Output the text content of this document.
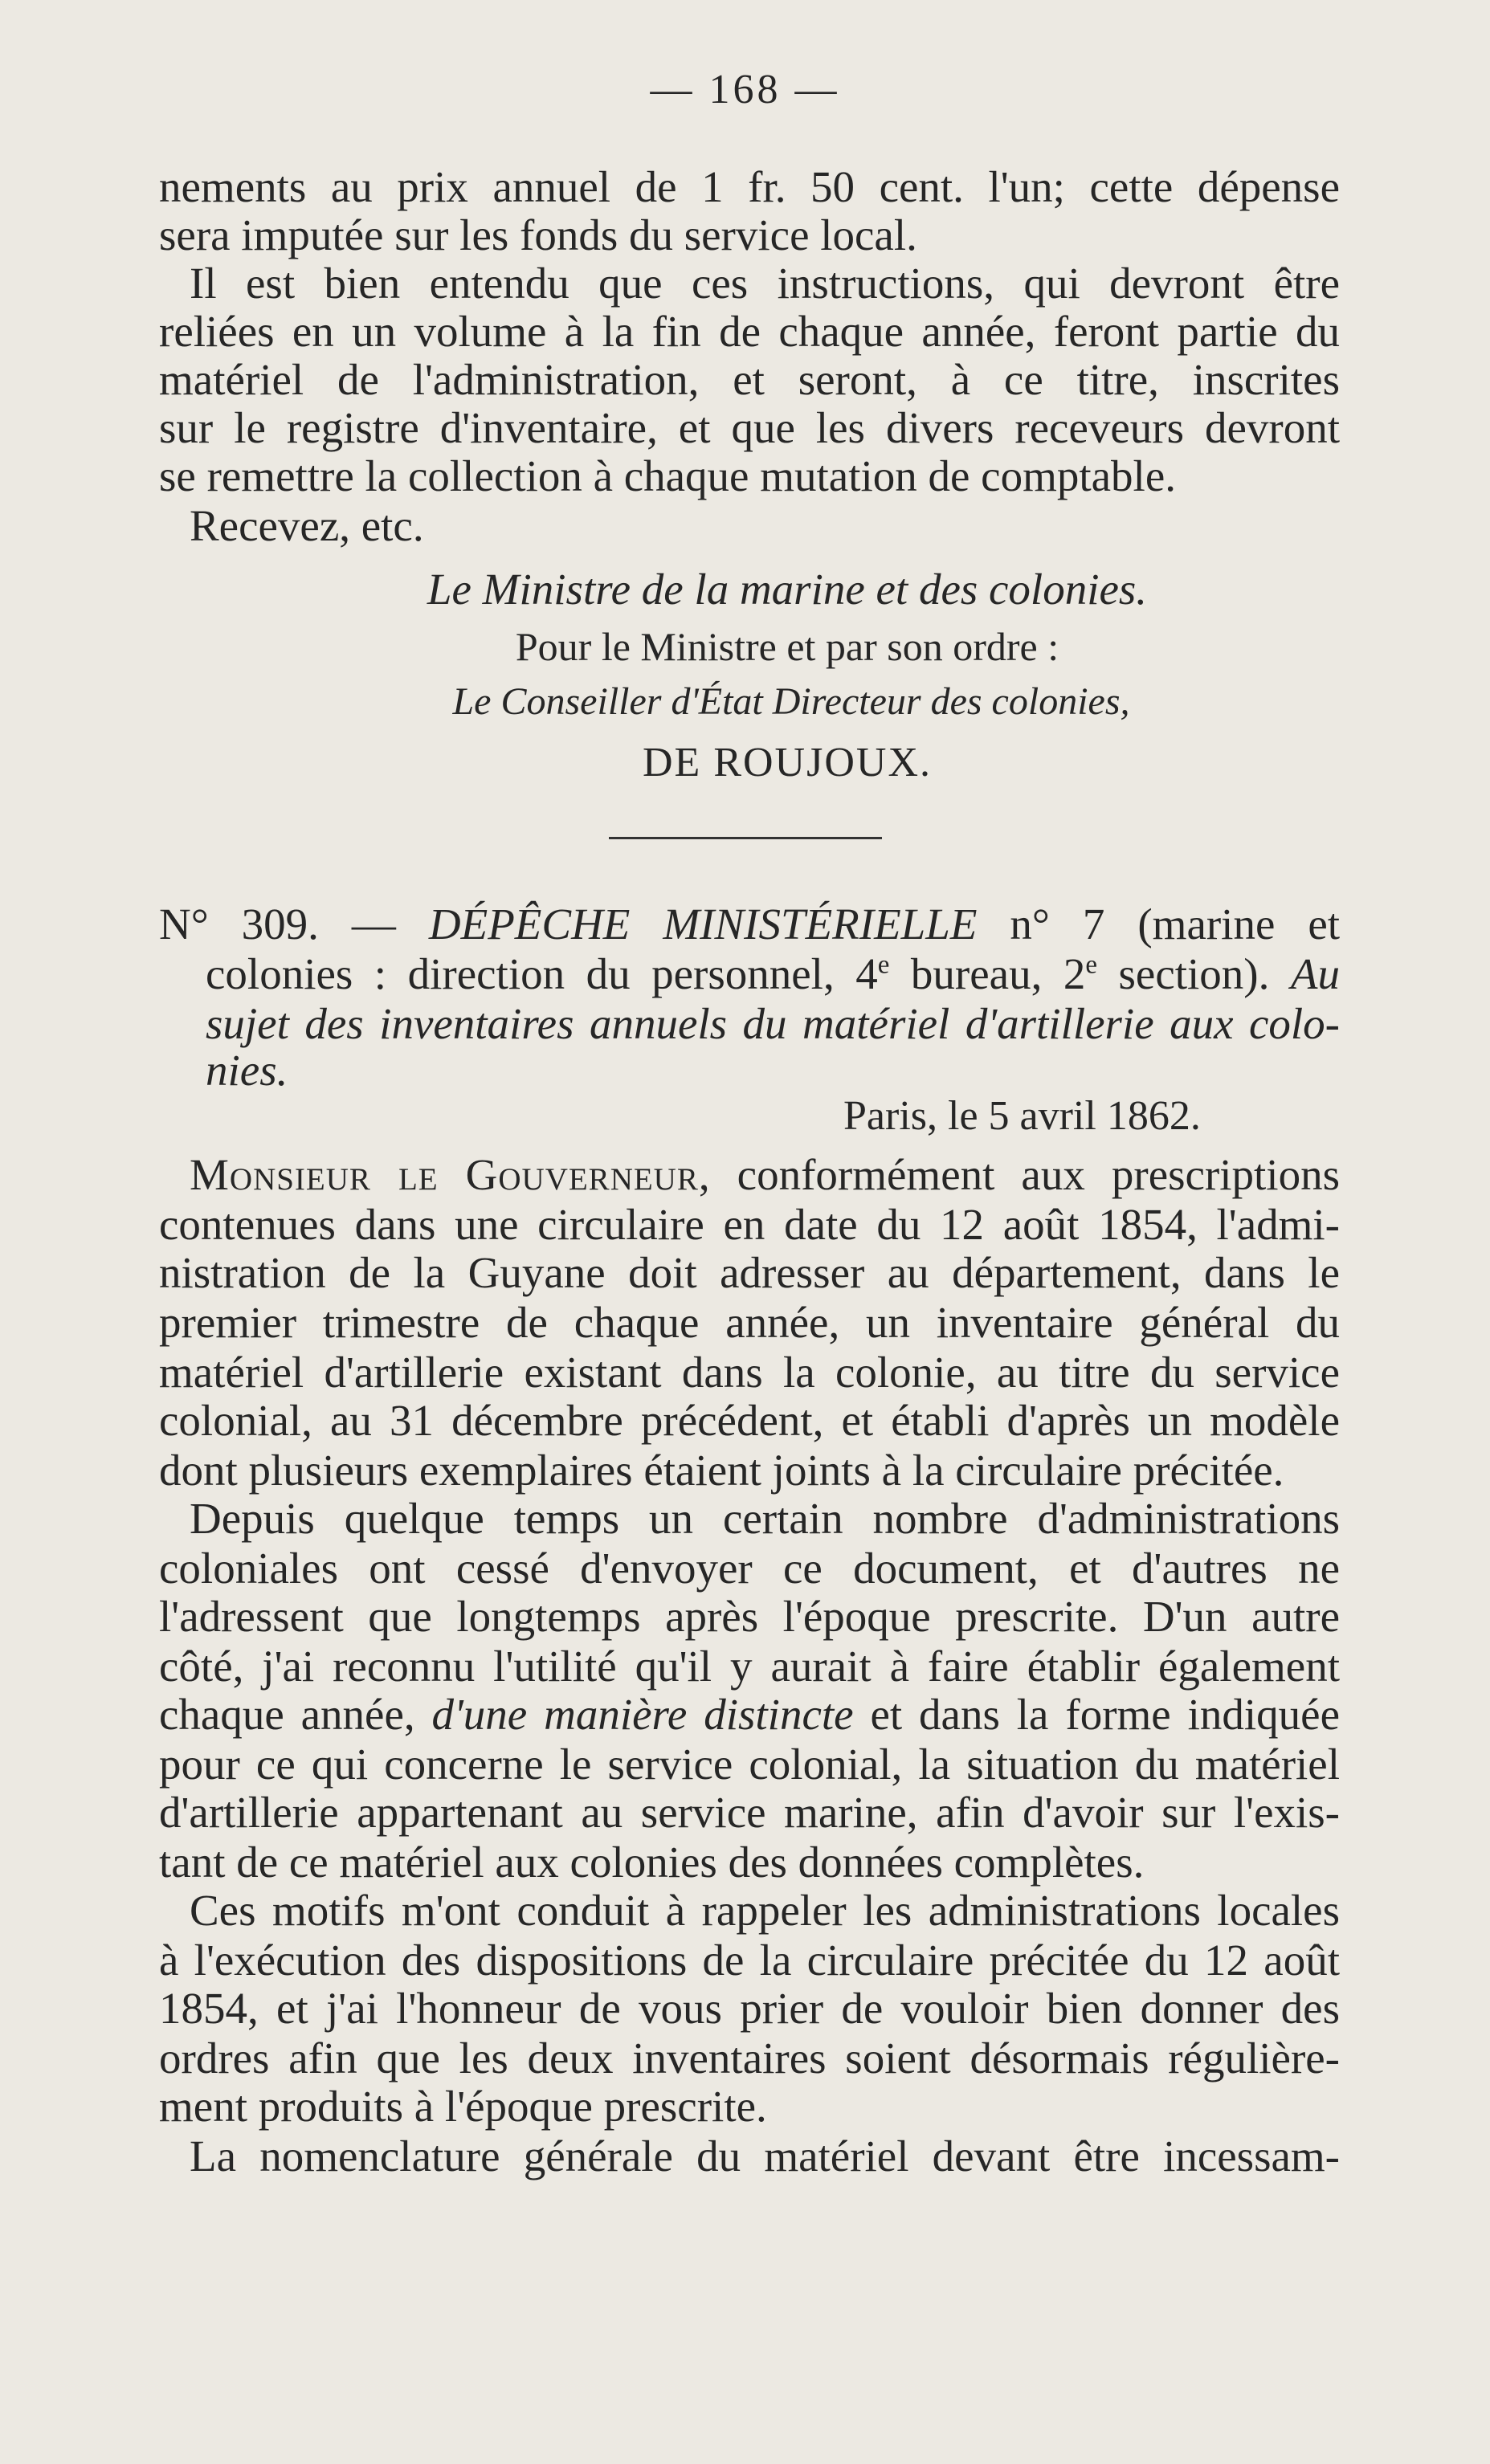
— 168 —
nements au prix annuel de 1 fr. 50 cent. l'un; cette dépense
sera imputée sur les fonds du service local.
Il est bien entendu que ces instructions, qui devront être
reliées en un volume à la fin de chaque année, feront partie du
matériel de l'administration, et seront, à ce titre, inscrites
sur le registre d'inventaire, et que les divers receveurs devront
se remettre la collection à chaque mutation de comptable.
Recevez, etc.
Le Ministre de la marine et des colonies.
Pour le Ministre et par son ordre :
Le Conseiller d'État Directeur des colonies,
DE ROUJOUX.
N° 309. — DÉPÊCHE MINISTÉRIELLE n° 7 (marine et
colonies : direction du personnel, 4e bureau, 2e section). Au
sujet des inventaires annuels du matériel d'artillerie aux colo-
nies.
Paris, le 5 avril 1862.
Monsieur le Gouverneur, conformément aux prescriptions
contenues dans une circulaire en date du 12 août 1854, l'admi-
nistration de la Guyane doit adresser au département, dans le
premier trimestre de chaque année, un inventaire général du
matériel d'artillerie existant dans la colonie, au titre du service
colonial, au 31 décembre précédent, et établi d'après un modèle
dont plusieurs exemplaires étaient joints à la circulaire précitée.
Depuis quelque temps un certain nombre d'administrations
coloniales ont cessé d'envoyer ce document, et d'autres ne
l'adressent que longtemps après l'époque prescrite. D'un autre
côté, j'ai reconnu l'utilité qu'il y aurait à faire établir également
chaque année, d'une manière distincte et dans la forme indiquée
pour ce qui concerne le service colonial, la situation du matériel
d'artillerie appartenant au service marine, afin d'avoir sur l'exis-
tant de ce matériel aux colonies des données complètes.
Ces motifs m'ont conduit à rappeler les administrations locales
à l'exécution des dispositions de la circulaire précitée du 12 août
1854, et j'ai l'honneur de vous prier de vouloir bien donner des
ordres afin que les deux inventaires soient désormais régulière-
ment produits à l'époque prescrite.
La nomenclature générale du matériel devant être incessam-
